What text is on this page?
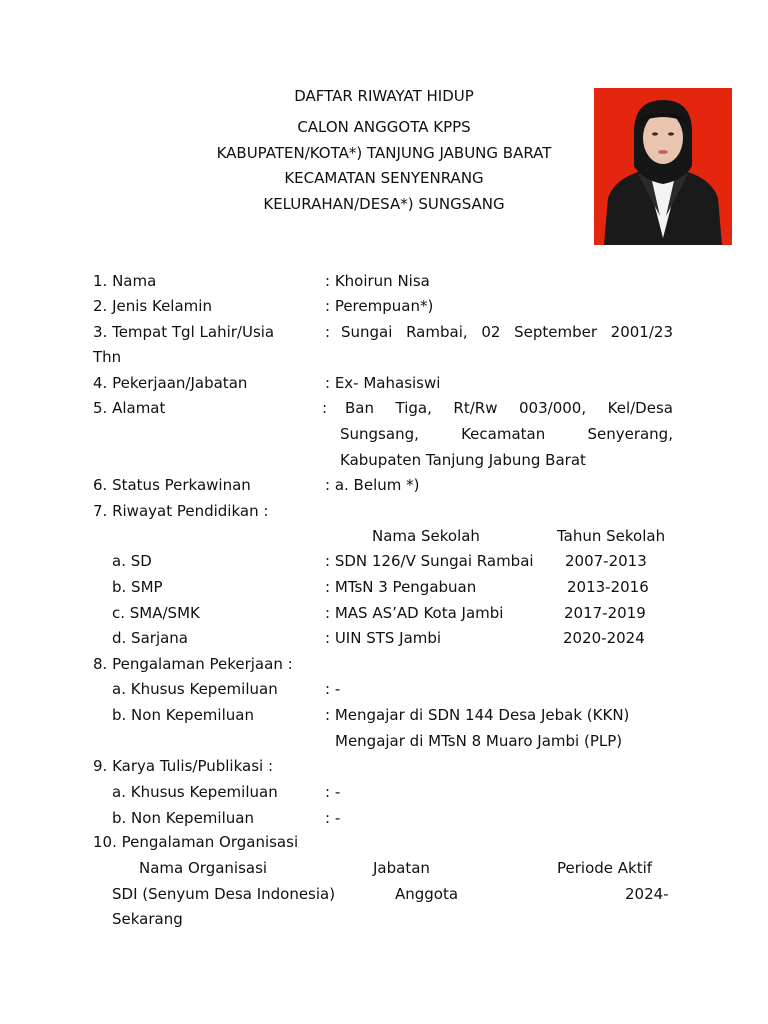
DAFTAR RIWAYAT HIDUP
CALON ANGGOTA KPPS
KABUPATEN/KOTA*) TANJUNG JABUNG BARAT
KECAMATAN SENYENRANG
KELURAHAN/DESA*) SUNGSANG
1. Nama	: Khoirun Nisa
2. Jenis Kelamin	: Perempuan*)
3. Tempat Tgl Lahir/Usia	: Sungai Rambai, 02 September 2001/23
Thn
4. Pekerjaan/Jabatan	: Ex- Mahasiswi
5. Alamat	: Ban Tiga, Rt/Rw 003/000, Kel/Desa
Sungsang,	Kecamatan	Senyerang,
Kabupaten Tanjung Jabung Barat
6. Status Perkawinan	: a. Belum *)
7. Riwayat Pendidikan :
Nama Sekolah	Tahun Sekolah
a. SD	: SDN 126/V Sungai Rambai 2007-2013
b. SMP	: MTsN 3 Pengabuan	2013-2016
c. SMA/SMK	: MAS AS’AD Kota Jambi	2017-2019
d. Sarjana	: UIN STS Jambi	2020-2024
8. Pengalaman Pekerjaan :
a. Khusus Kepemiluan	: -
b. Non Kepemiluan	: Mengajar di SDN 144 Desa Jebak (KKN)
Mengajar di MTsN 8 Muaro Jambi (PLP)
9. Karya Tulis/Publikasi :
a. Khusus Kepemiluan	: -
b. Non Kepemiluan	: -
10. Pengalaman Organisasi
Nama Organisasi	Jabatan	Periode Aktif
SDI (Senyum Desa Indonesia)	Anggota	2024-
Sekarang
